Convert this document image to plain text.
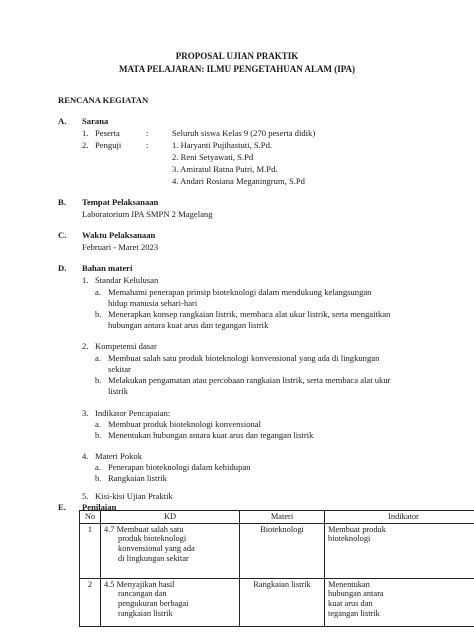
PROPOSAL UJIAN PRAKTIK
MATA PELAJARAN: ILMU PENGETAHUAN ALAM (IPA)
RENCANA KEGIATAN
A. Sarana
1. Peserta	:	Seluruh siswa Kelas 9 (270 peserta didik)
2. Penguji	:	1. Haryanti Pujihastuti, S.Pd.
2. Reni Setyawati, S.Pd
3. Amiratul Ratna Putri, M.Pd.
4. Andari Rosiana Meganingrum, S.Pd
B. Tempat Pelaksanaan
Laboratorium IPA SMPN 2 Magelang
C. Waktu Pelaksanaan
Februari - Maret 2023
D. Bahan materi
1. Standar Kelulusan
a. Memahami penerapan prinsip bioteknologi dalam mendukung kelangsungan
hidup manusia sehari-hari
b. Menerapkan konsep rangkaian listrik, membaca alat ukur listrik, serta mengaitkan
hubungan antara kuat arus dan tegangan listrik
2. Kompetensi dasar
a. Membuat salah satu produk bioteknologi konvensional yang ada di lingkungan
sekitar
b. Melakukan pengamatan atau percobaan rangkaian listrik, serta membaca alat ukur
listrik
3. Indikator Pencapaian:
a. Membuat produk bioteknologi konvensional
b. Menentukan hubungan antara kuat arus dan tegangan listrik
4. Materi Pokok
a. Penerapan bioteknologi dalam kehidupan
b. Rangkaian listrik
5. Kisi-kisi Ujian Praktik
E. Penilaian
No	KD	Materi	Indikator
1	4.7 Membuat salah satu
produk bioteknologi
konvensional yang ada
di lingkungan sekitar	Bioteknologi	Membuat produk
bioteknologi

2	4.5 Menyajikan hasil
rancangan dan
pengukuran berbagai
rangkaian listrik	Rangkaian listrik	Menentukan
hubungan antara
kuat arus dan
tegangan listrik
